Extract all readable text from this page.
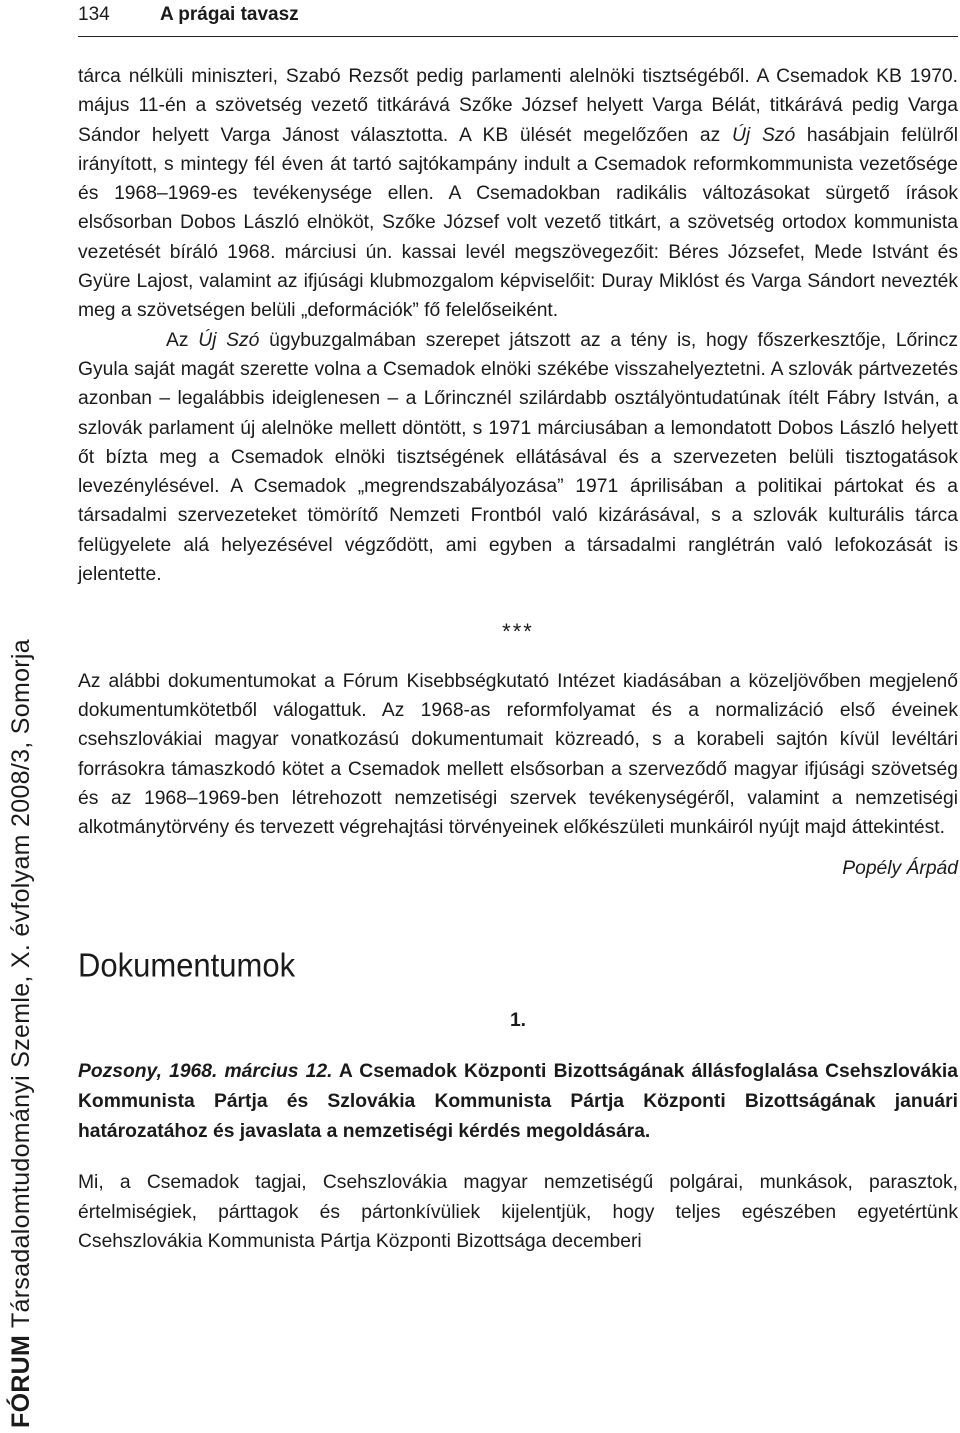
134	A prágai tavasz
FÓRUM Társadalomtudományi Szemle, X. évfolyam 2008/3, Somorja

tárca nélküli miniszteri, Szabó Rezsőt pedig parlamenti alelnöki tisztségéből. A Csemadok KB 1970. május 11-én a szövetség vezető titkárává Szőke József helyett Varga Bélát, titkárává pedig Varga Sándor helyett Varga Jánost választotta. A KB ülését megelőzően az Új Szó hasábjain felülről irányított, s mintegy fél éven át tartó sajtókampány indult a Csemadok reformkommunista vezetősége és 1968–1969-es tevékenysége ellen. A Csemadokban radikális változásokat sürgető írások elsősorban Dobos László elnököt, Szőke József volt vezető titkárt, a szövetség ortodox kommunista vezetését bíráló 1968. márciusi ún. kassai levél megszövegezőit: Béres Józsefet, Mede Istvánt és Gyüre Lajost, valamint az ifjúsági klubmozgalom képviselőit: Duray Miklóst és Varga Sándort nevezték meg a szövetségen belüli „deformációk” fő felelőseiként.

Az Új Szó ügybuzgalmában szerepet játszott az a tény is, hogy főszerkesztője, Lőrincz Gyula saját magát szerette volna a Csemadok elnöki székébe visszahelyeztetni. A szlovák pártvezetés azonban – legalábbis ideiglenesen – a Lőrincznél szilárdabb osztályöntudatúnak ítélt Fábry István, a szlovák parlament új alelnöke mellett döntött, s 1971 márciusában a lemondatott Dobos László helyett őt bízta meg a Csemadok elnöki tisztségének ellátásával és a szervezeten belüli tisztogatások levezénylésével. A Csemadok „megrendszabályozása” 1971 áprilisában a politikai pártokat és a társadalmi szervezeteket tömörítő Nemzeti Frontból való kizárásával, s a szlovák kulturális tárca felügyelete alá helyezésével végződött, ami egyben a társadalmi ranglétrán való lefokozását is jelentette.

***

Az alábbi dokumentumokat a Fórum Kisebbségkutató Intézet kiadásában a közeljövőben megjelenő dokumentumkötetből válogattuk. Az 1968-as reformfolyamat és a normalizáció első éveinek csehszlovákiai magyar vonatkozású dokumentumait közreadó, s a korabeli sajtón kívül levéltári forrásokra támaszkodó kötet a Csemadok mellett elsősorban a szerveződő magyar ifjúsági szövetség és az 1968–1969-ben létrehozott nemzetiségi szervek tevékenységéről, valamint a nemzetiségi alkotmánytörvény és tervezett végrehajtási törvényeinek előkészületi munkáiról nyújt majd áttekintést.

Popély Árpád

Dokumentumok

1.

Pozsony, 1968. március 12. A Csemadok Központi Bizottságának állásfoglalása Csehszlovákia Kommunista Pártja és Szlovákia Kommunista Pártja Központi Bizottságának januári határozatához és javaslata a nemzetiségi kérdés megoldására.

Mi, a Csemadok tagjai, Csehszlovákia magyar nemzetiségű polgárai, munkások, parasztok, értelmiségiek, párttagok és pártonkívüliek kijelentjük, hogy teljes egészében egyetértünk Csehszlovákia Kommunista Pártja Központi Bizottsága decemberi
